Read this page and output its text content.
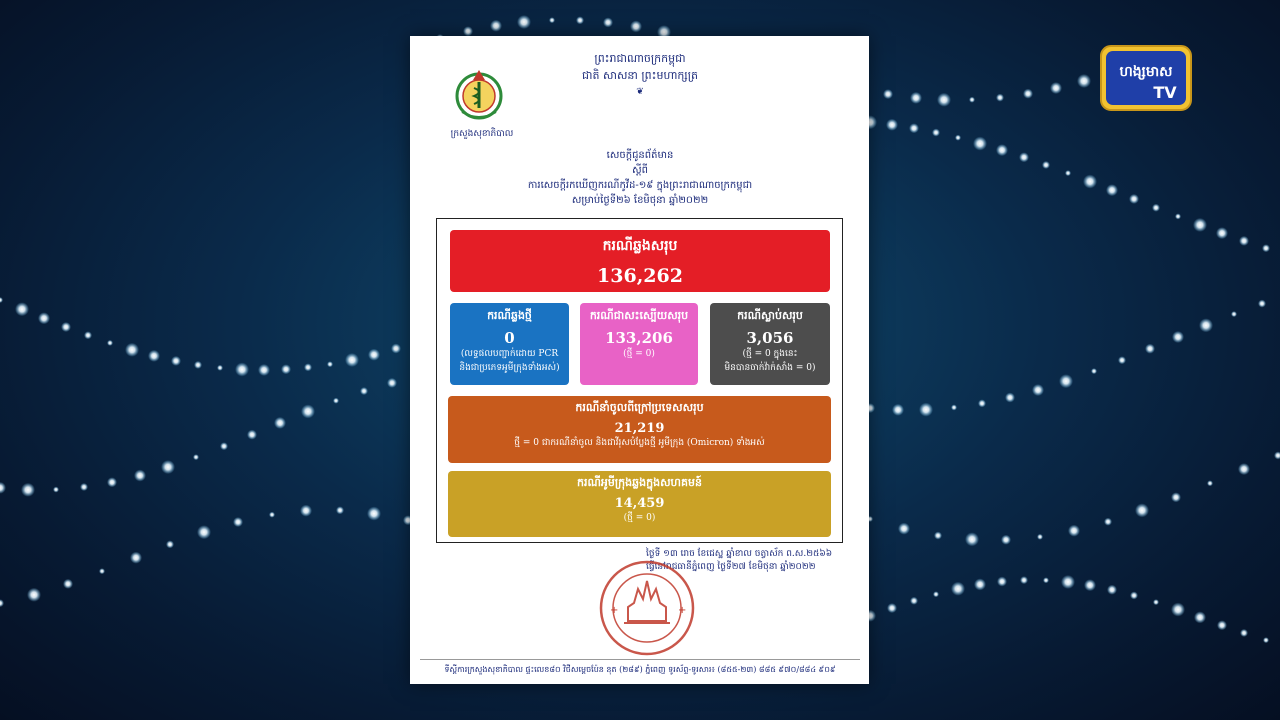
ព្រះរាជាណាចក្រកម្ពុជា
ជាតិ សាសនា ព្រះមហាក្សត្រ
❦
ក្រសួងសុខាភិបាល
សេចក្តីជូនព័ត៌មាន
ស្តីពី
ការសេចក្តីរកឃើញករណីកូវីដ-១៩ ក្នុងព្រះរាជាណាចក្រកម្ពុជា
សម្រាប់ថ្ងៃទី២៦ ខែមិថុនា ឆ្នាំ២០២២
ករណីឆ្លងសរុប
136,262
ករណីឆ្លងថ្មី
0
(លទ្ធផលបញ្ជាក់ដោយ PCR
និងជាប្រភេទអូមីក្រុងទាំងអស់)
ករណីជាសះស្បើយសរុប
133,206
(ថ្មី = 0)
ករណីស្លាប់សរុប
3,056
(ថ្មី = 0 ក្នុងនេះ
មិនបានចាក់វ៉ាក់សាំង = 0)
ករណីនាំចូលពីក្រៅប្រទេសសរុប
21,219
ថ្មី = 0 ជាករណីនាំចូល និងជាវីរុសបំប្លែងថ្មី អូមីក្រុង (Omicron) ទាំងអស់
ករណីអូមីក្រុងឆ្លងក្នុងសហគមន៍
14,459
(ថ្មី = 0)
ថ្ងៃទី ១៣ រោច ខែជេស្ឋ ឆ្នាំខាល ចត្វាស័ក ព.ស.២៥៦៦
ធ្វើនៅរាជធានីភ្នំពេញ ថ្ងៃទី២៧ ខែមិថុនា ឆ្នាំ២០២២
+	+
ទីស្តីការក្រសួងសុខាភិបាល ផ្ទះលេខ៨០ វិថីសម្តេចប៉ែន នុត (២៨៩) ភ្នំពេញ ទូរស័ព្ទ-ទូរសារ៖ (៨៥៥-២៣) ៨៨៥ ៩៧០/៨៨៤ ៩០៩
ហង្សមាស
TV
